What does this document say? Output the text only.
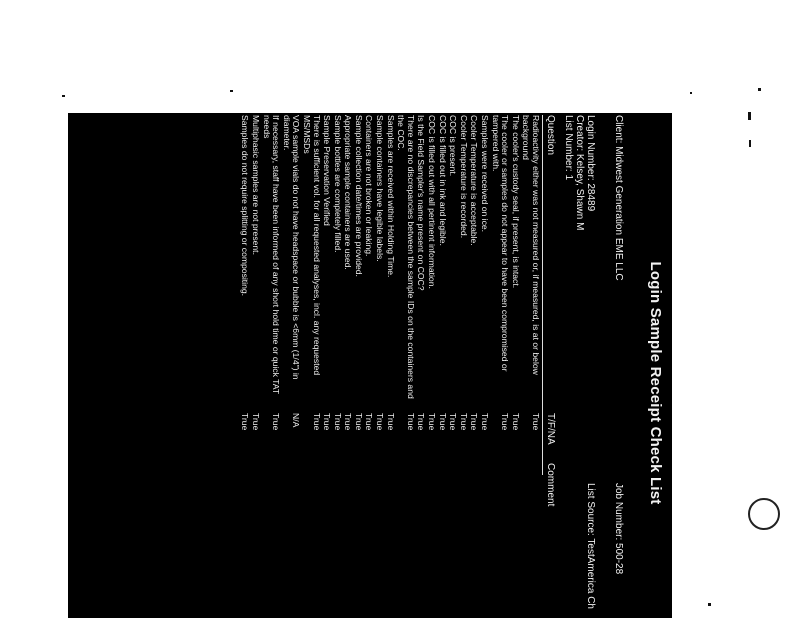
Login Sample Receipt Check List
Client: Midwest Generation EME LLC
Job Number: 500-28
List Source: TestAmerica Ch
Login Number: 28489
Creator: Kelsey, Shawn M
List Number: 1
Question
T/F/NA
Comment
Radioactivity either was not measured or, if measured, is at or below background
True
The cooler's custody seal, if present, is intact.
True
The cooler or samples do not appear to have been compromised or tampered with.
True
Samples were received on ice.
True
Cooler Temperature is acceptable.
True
Cooler Temperature is recorded.
True
COC is present.
True
COC is filled out in ink and legible.
True
COC is filled out with all pertinent information.
True
Is the Field Sampler's name present on COC?
True
There are no discrepancies between the sample IDs on the containers and the COC.
True
Samples are received within Holding Time.
True
Sample containers have legible labels.
True
Containers are not broken or leaking.
True
Sample collection date/times are provided.
True
Appropriate sample containers are used.
True
Sample bottles are completely filled.
True
Sample Preservation Verified
True
There is sufficient vol. for all requested analyses, incl. any requested MS/MSDs
True
VOA sample vials do not have headspace or bubble is <6mm (1/4") in diameter.
N/A
If necessary, staff have been informed of any short hold time or quick TAT needs
True
Multiphasic samples are not present.
True
Samples do not require splitting or compositing.
True
